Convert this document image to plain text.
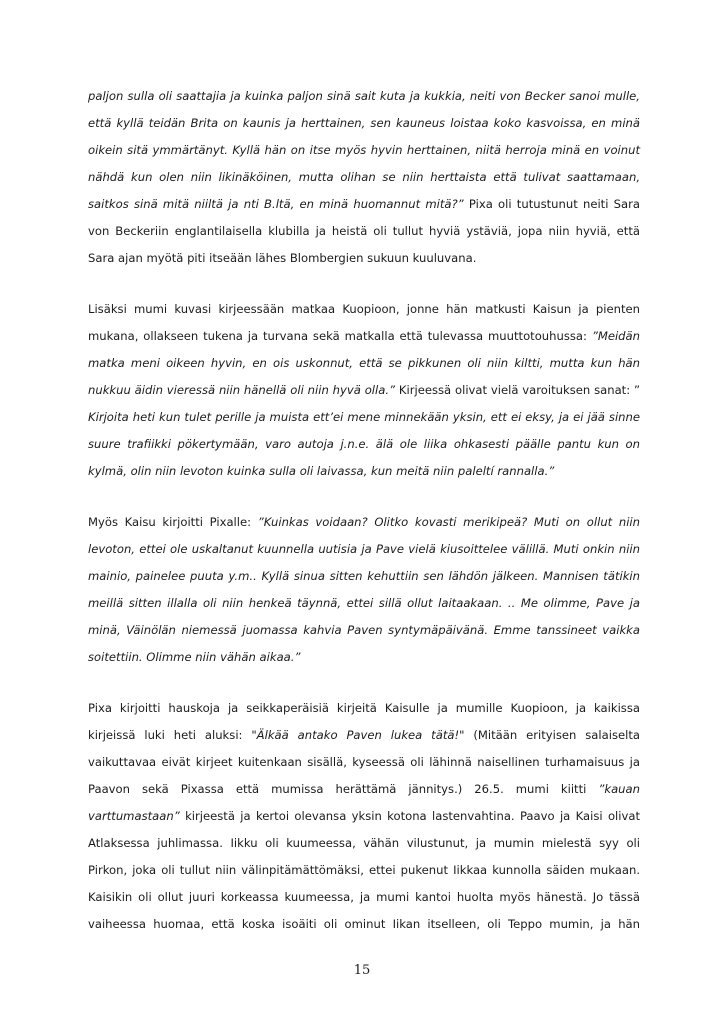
paljon sulla oli saattajia ja kuinka paljon sinä sait kuta ja kukkia, neiti von Becker sanoi mulle,
että kyllä teidän Brita on kaunis ja herttainen, sen kauneus loistaa koko kasvoissa, en minä
oikein sitä ymmärtänyt. Kyllä hän on itse myös hyvin herttainen, niitä herroja minä en voinut
nähdä kun olen niin likinäköinen, mutta olihan se niin herttaista että tulivat saattamaan,
saitkos sinä mitä niiltä ja nti B.ltä, en minä huomannut mitä?” Pixa oli tutustunut neiti Sara
von Beckeriin englantilaisella klubilla ja heistä oli tullut hyviä ystäviä, jopa niin hyviä, että
Sara ajan myötä piti itseään lähes Blombergien sukuun kuuluvana.
Lisäksi mumi kuvasi kirjeessään matkaa Kuopioon, jonne hän matkusti Kaisun ja pienten
mukana, ollakseen tukena ja turvana sekä matkalla että tulevassa muuttotouhussa: ”Meidän
matka meni oikeen hyvin, en ois uskonnut, että se pikkunen oli niin kiltti, mutta kun hän
nukkuu äidin vieressä niin hänellä oli niin hyvä olla.” Kirjeessä olivat vielä varoituksen sanat: ”
Kirjoita heti kun tulet perille ja muista ett’ei mene minnekään yksin, ett ei eksy, ja ei jää sinne
suure trafiikki pökertymään, varo autoja j.n.e. älä ole liika ohkasesti päälle pantu kun on
kylmä, olin niin levoton kuinka sulla oli laivassa, kun meitä niin paleltí rannalla.”
Myös Kaisu kirjoitti Pixalle: ”Kuinkas voidaan? Olitko kovasti merikipeä? Muti on ollut niin
levoton, ettei ole uskaltanut kuunnella uutisia ja Pave vielä kiusoittelee välillä. Muti onkin niin
mainio, painelee puuta y.m.. Kyllä sinua sitten kehuttiin sen lähdön jälkeen. Mannisen tätikin
meillä sitten illalla oli niin henkeä täynnä, ettei sillä ollut laitaakaan. .. Me olimme, Pave ja
minä, Väinölän niemessä juomassa kahvia Paven syntymäpäivänä. Emme tanssineet vaikka
soitettiin. Olimme niin vähän aikaa.”
Pixa kirjoitti hauskoja ja seikkaperäisiä kirjeitä Kaisulle ja mumille Kuopioon, ja kaikissa
kirjeissä luki heti aluksi: "Älkää antako Paven lukea tätä!" (Mitään erityisen salaiselta
vaikuttavaa eivät kirjeet kuitenkaan sisällä, kyseessä oli lähinnä naisellinen turhamaisuus ja
Paavon sekä Pixassa että mumissa herättämä jännitys.) 26.5. mumi kiitti ”kauan
varttumastaan” kirjeestä ja kertoi olevansa yksin kotona lastenvahtina. Paavo ja Kaisi olivat
Atlaksessa juhlimassa. Iikku oli kuumeessa, vähän vilustunut, ja mumin mielestä syy oli
Pirkon, joka oli tullut niin välinpitämättömäksi, ettei pukenut Iikkaa kunnolla säiden mukaan.
Kaisikin oli ollut juuri korkeassa kuumeessa, ja mumi kantoi huolta myös hänestä. Jo tässä
vaiheessa huomaa, että koska isoäiti oli ominut Iikan itselleen, oli Teppo mumin, ja hän
15
